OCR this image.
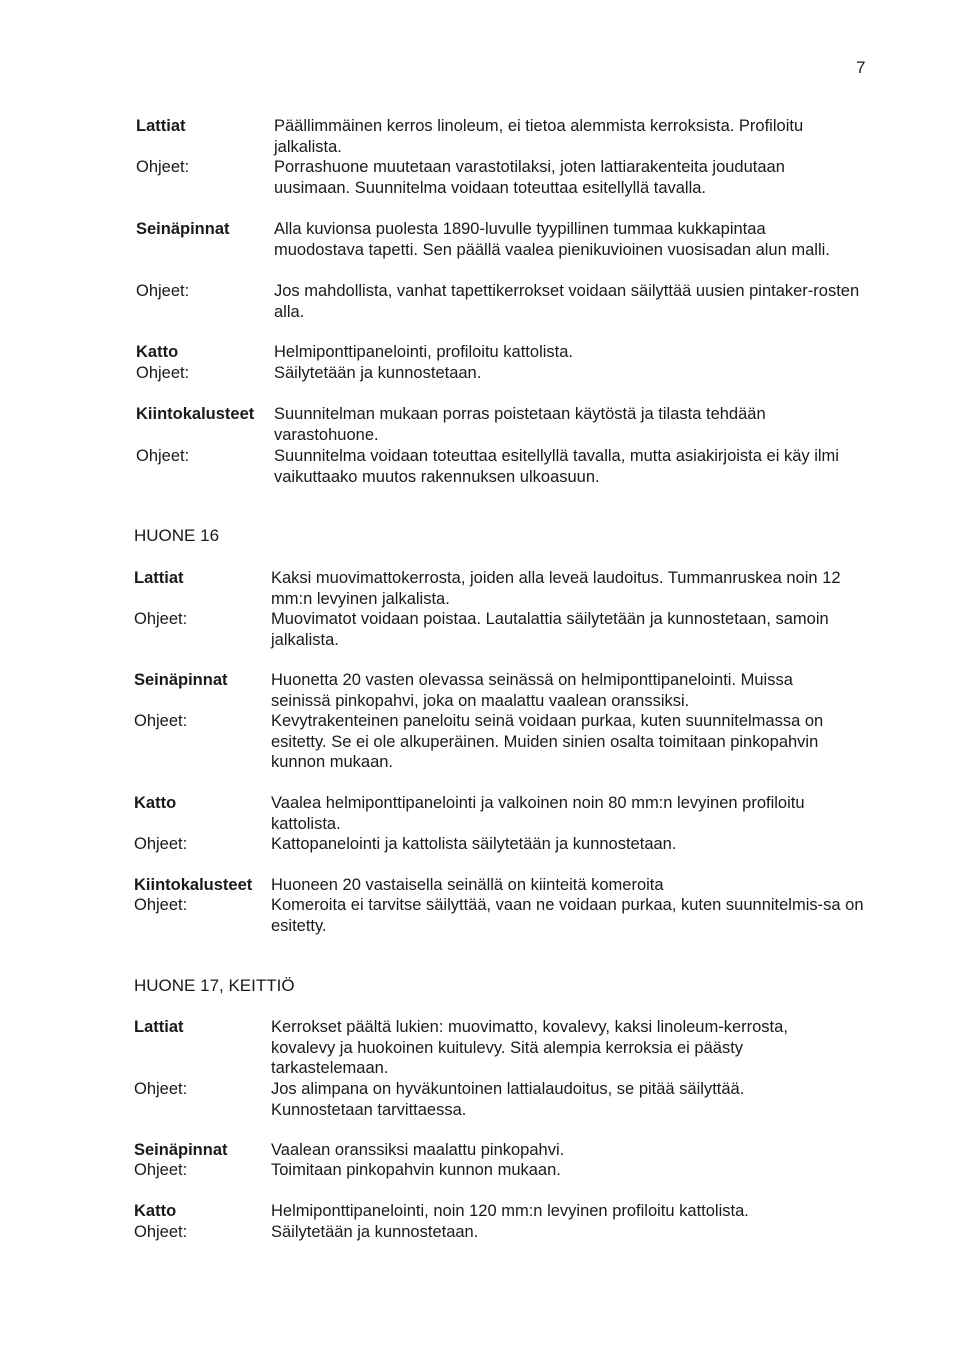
7
Lattiat	Päällimmäinen kerros linoleum, ei tietoa alemmista kerroksista. Profiloitu jalkalista.
Ohjeet:	Porrashuone muutetaan varastotilaksi, joten lattiarakenteita joudutaan uusimaan. Suunnitelma voidaan toteuttaa esitellyllä tavalla.
Seinäpinnat	Alla kuvionsa puolesta 1890-luvulle tyypillinen tummaa kukkapintaa muodostava tapetti. Sen päällä vaalea pienikuvioinen vuosisadan alun malli.
Ohjeet:	Jos mahdollista, vanhat tapettikerrokset voidaan säilyttää uusien pintaker-rosten alla.
Katto	Helmiponttipanelointi, profiloitu kattolista.
Ohjeet:	Säilytetään ja kunnostetaan.
Kiintokalusteet Suunnitelman mukaan porras poistetaan käytöstä ja tilasta tehdään varastohuone.
Ohjeet:	Suunnitelma voidaan toteuttaa esitellyllä tavalla, mutta asiakirjoista ei käy ilmi vaikuttaako muutos rakennuksen ulkoasuun.
HUONE 16
Lattiat	Kaksi muovimattokerrosta, joiden alla leveä laudoitus. Tummanruskea noin 12 mm:n levyinen jalkalista.
Ohjeet:	Muovimatot voidaan poistaa. Lautalattia säilytetään ja kunnostetaan, samoin jalkalista.
Seinäpinnat	Huonetta 20 vasten olevassa seinässä on helmiponttipanelointi. Muissa seinissä pinkopahvi, joka on maalattu vaalean oranssiksi.
Ohjeet:	Kevytrakenteinen paneloitu seinä voidaan purkaa, kuten suunnitelmassa on esitetty. Se ei ole alkuperäinen. Muiden sinien osalta toimitaan pinkopahvin kunnon mukaan.
Katto	Vaalea helmiponttipanelointi ja valkoinen noin 80 mm:n levyinen profiloitu kattolista.
Ohjeet:	Kattopanelointi ja kattolista säilytetään ja kunnostetaan.
Kiintokalusteet Huoneen 20 vastaisella seinällä on kiinteitä komeroita
Ohjeet:	Komeroita ei tarvitse säilyttää, vaan ne voidaan purkaa, kuten suunnitelmis-sa on esitetty.
HUONE 17, KEITTIÖ
Lattiat	Kerrokset päältä lukien: muovimatto, kovalevy, kaksi linoleum-kerrosta, kovalevy ja huokoinen kuitulevy. Sitä alempia kerroksia ei päästy tarkastelemaan.
Ohjeet:	Jos alimpana on hyväkuntoinen lattialaudoitus, se pitää säilyttää. Kunnostetaan tarvittaessa.
Seinäpinnat	Vaalean oranssiksi maalattu pinkopahvi.
Ohjeet:	Toimitaan pinkopahvin kunnon mukaan.
Katto	Helmiponttipanelointi, noin 120 mm:n levyinen profiloitu kattolista.
Ohjeet:	Säilytetään ja kunnostetaan.
